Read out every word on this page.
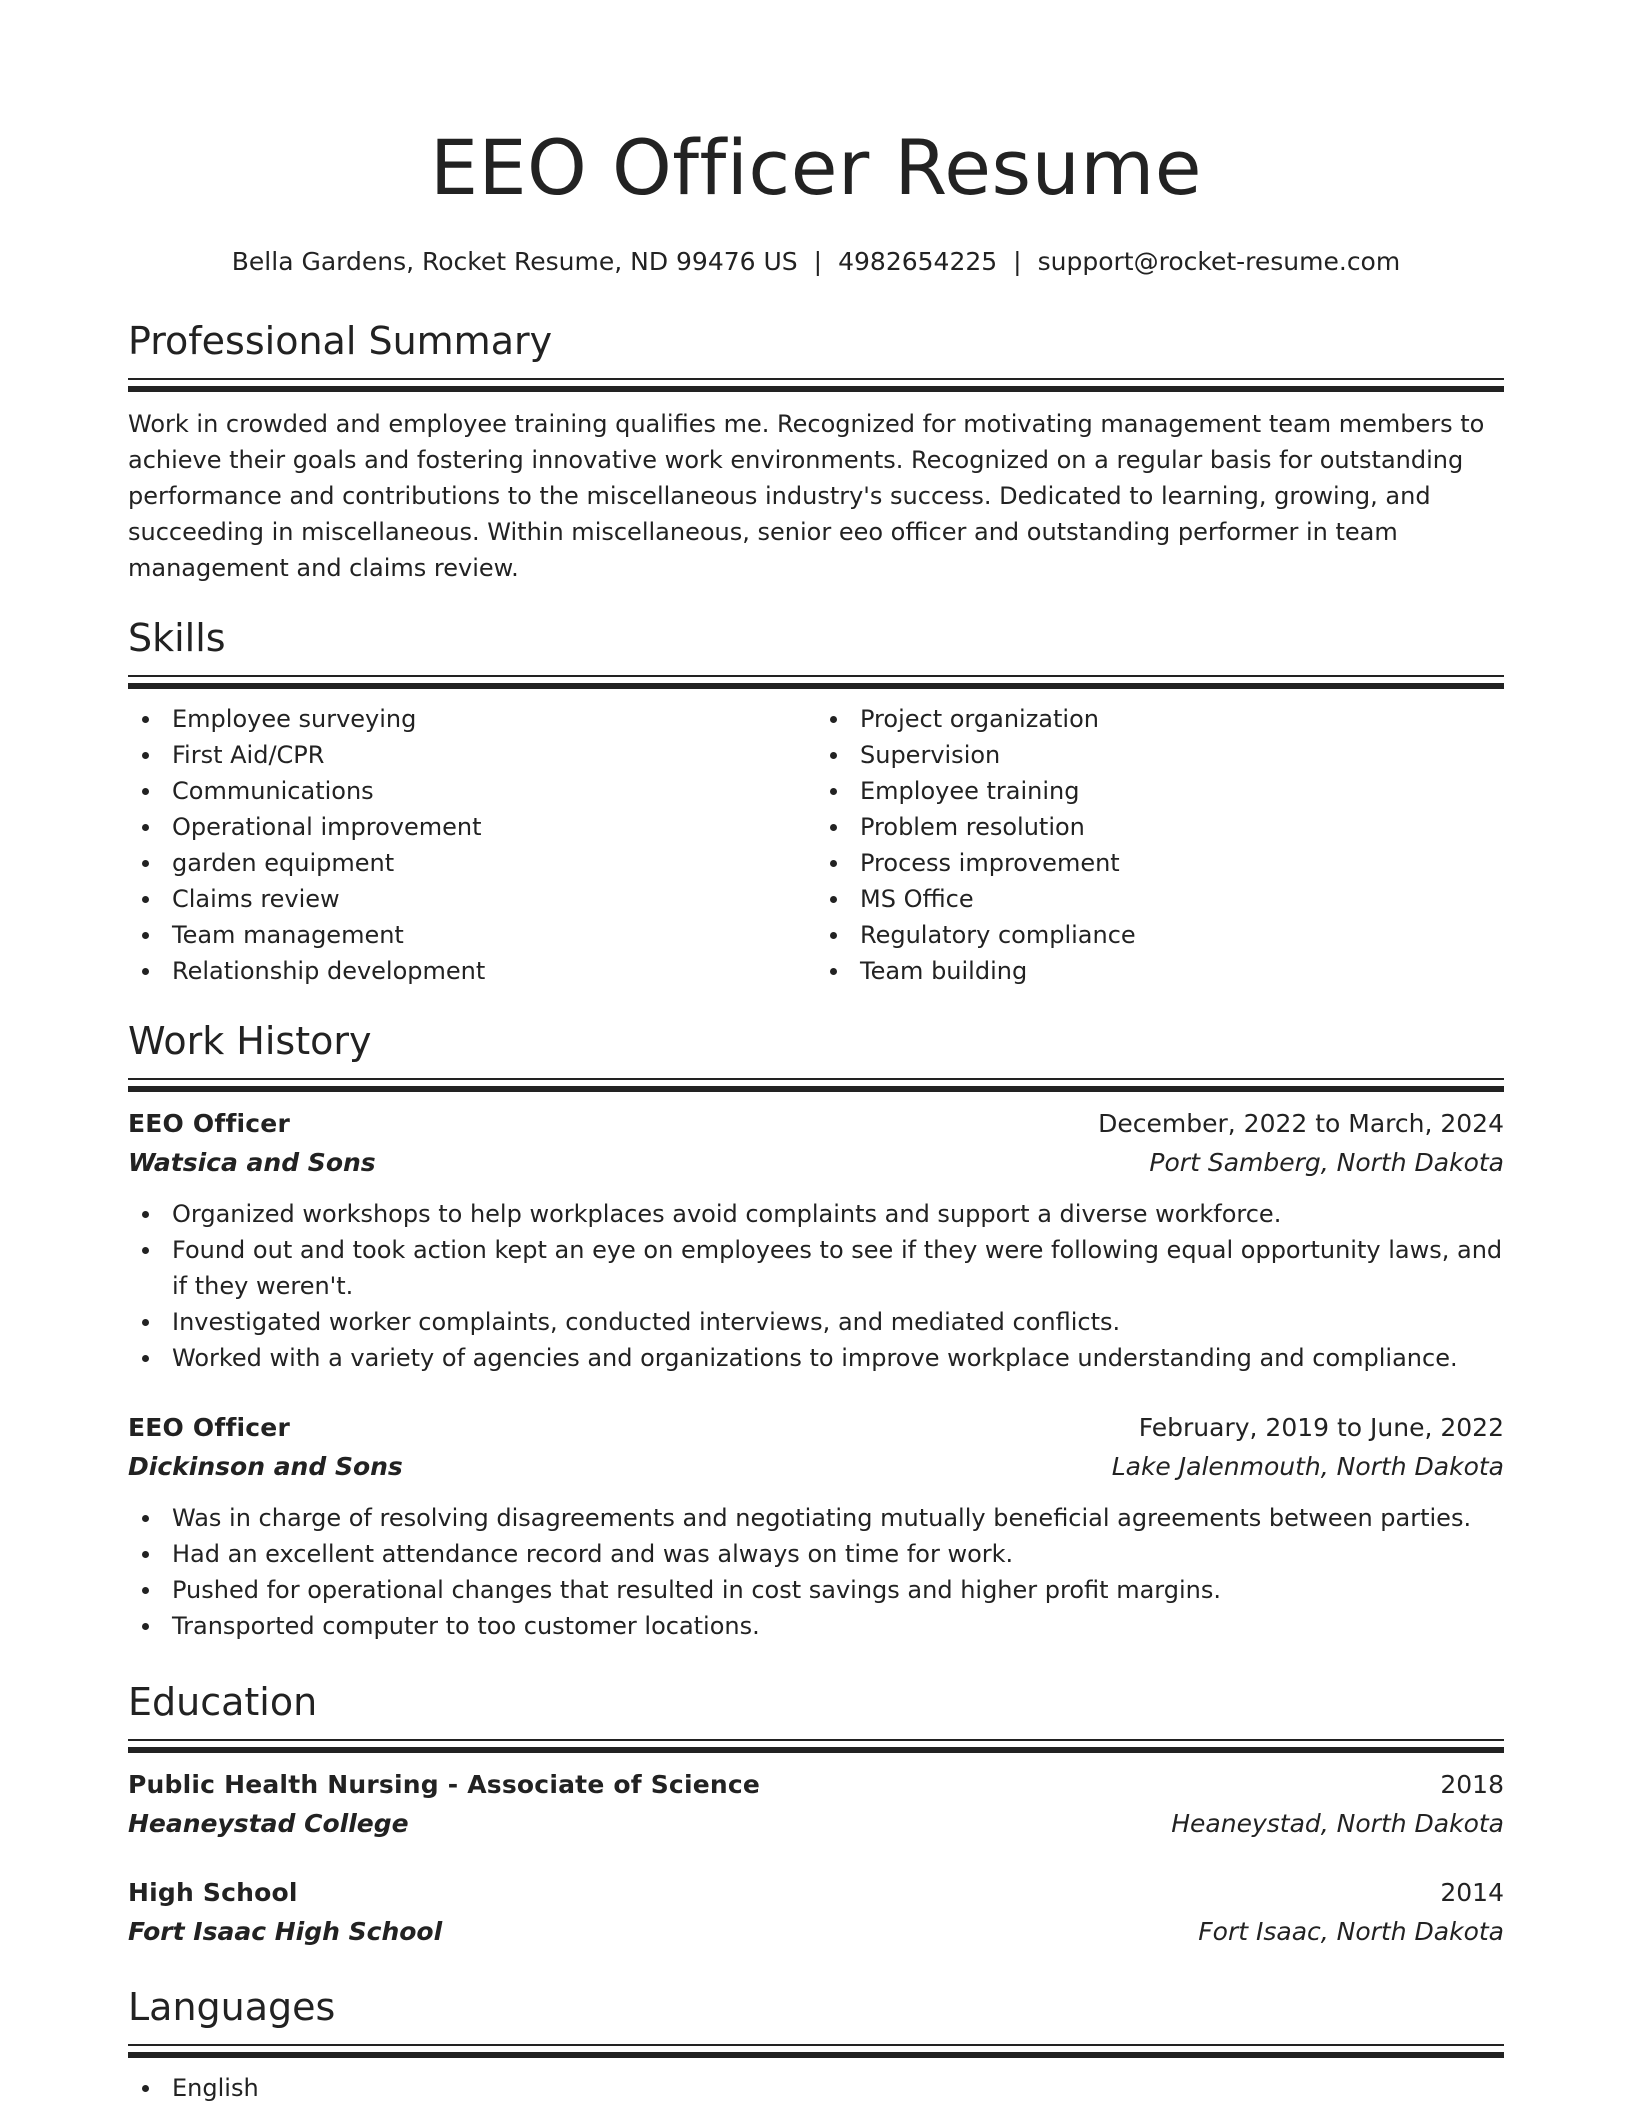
EEO Officer Resume
Bella Gardens, Rocket Resume, ND 99476 US | 4982654225 | support@rocket-resume.com
Professional Summary

Work in crowded and employee training qualifies me. Recognized for motivating management team members to achieve their goals and fostering innovative work environments. Recognized on a regular basis for outstanding performance and contributions to the miscellaneous industry's success. Dedicated to learning, growing, and succeeding in miscellaneous. Within miscellaneous, senior eeo officer and outstanding performer in team management and claims review.

Skills
Employee surveying
First Aid/CPR
Communications
Operational improvement
garden equipment
Claims review
Team management
Relationship development
Project organization
Supervision
Employee training
Problem resolution
Process improvement
MS Office
Regulatory compliance
Team building
Work History
EEO Officer	December, 2022 to March, 2024
Watsica and Sons	Port Samberg, North Dakota
Organized workshops to help workplaces avoid complaints and support a diverse workforce.
Found out and took action kept an eye on employees to see if they were following equal opportunity laws, and if they weren't.
Investigated worker complaints, conducted interviews, and mediated conflicts.
Worked with a variety of agencies and organizations to improve workplace understanding and compliance.
EEO Officer	February, 2019 to June, 2022
Dickinson and Sons	Lake Jalenmouth, North Dakota
Was in charge of resolving disagreements and negotiating mutually beneficial agreements between parties.
Had an excellent attendance record and was always on time for work.
Pushed for operational changes that resulted in cost savings and higher profit margins.
Transported computer to too customer locations.
Education
Public Health Nursing - Associate of Science	2018
Heaneystad College	Heaneystad, North Dakota
High School	2014
Fort Isaac High School	Fort Isaac, North Dakota
Languages
English
